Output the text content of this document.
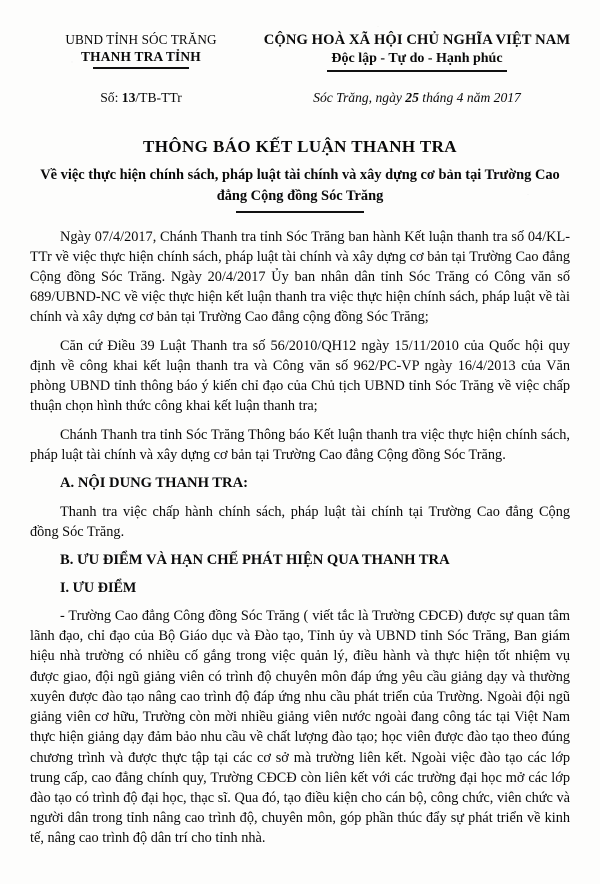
UBND TỈNH SÓC TRĂNG
THANH TRA TỈNH
CỘNG HOÀ XÃ HỘI CHỦ NGHĨA VIỆT NAM
Độc lập - Tự do - Hạnh phúc
Số: 13/TB-TTr	Sóc Trăng, ngày 25 tháng 4 năm 2017
THÔNG BÁO KẾT LUẬN THANH TRA
Về việc thực hiện chính sách, pháp luật tài chính và xây dựng cơ bản tại Trường Cao đẳng Cộng đồng Sóc Trăng

Ngày 07/4/2017, Chánh Thanh tra tỉnh Sóc Trăng ban hành Kết luận thanh tra số 04/KL-TTr về việc thực hiện chính sách, pháp luật tài chính và xây dựng cơ bản tại Trường Cao đẳng Cộng đồng Sóc Trăng. Ngày 20/4/2017 Ủy ban nhân dân tỉnh Sóc Trăng có Công văn số 689/UBND-NC về việc thực hiện kết luận thanh tra việc thực hiện chính sách, pháp luật về tài chính và xây dựng cơ bản tại Trường Cao đẳng cộng đồng Sóc Trăng;

Căn cứ Điều 39 Luật Thanh tra số 56/2010/QH12 ngày 15/11/2010 của Quốc hội quy định về công khai kết luận thanh tra và Công văn số 962/PC-VP ngày 16/4/2013 của Văn phòng UBND tỉnh thông báo ý kiến chỉ đạo của Chủ tịch UBND tỉnh Sóc Trăng về việc chấp thuận chọn hình thức công khai kết luận thanh tra;

Chánh Thanh tra tỉnh Sóc Trăng Thông báo Kết luận thanh tra việc thực hiện chính sách, pháp luật tài chính và xây dựng cơ bản tại Trường Cao đẳng Cộng đồng Sóc Trăng.

A. NỘI DUNG THANH TRA:

Thanh tra việc chấp hành chính sách, pháp luật tài chính tại Trường Cao đẳng Cộng đồng Sóc Trăng.

B. ƯU ĐIỂM VÀ HẠN CHẾ PHÁT HIỆN QUA THANH TRA
I. ƯU ĐIỂM

- Trường Cao đẳng Công đồng Sóc Trăng ( viết tắc là Trường CĐCĐ) được sự quan tâm lãnh đạo, chỉ đạo của Bộ Giáo dục và Đào tạo, Tỉnh ủy và UBND tỉnh Sóc Trăng, Ban giám hiệu nhà trường có nhiều cố gắng trong việc quản lý, điều hành và thực hiện tốt nhiệm vụ được giao, đội ngũ giảng viên có trình độ chuyên môn đáp ứng yêu cầu giảng dạy và thường xuyên được đào tạo nâng cao trình độ đáp ứng nhu cầu phát triển của Trường. Ngoài đội ngũ giảng viên cơ hữu, Trường còn mời nhiều giảng viên nước ngoài đang công tác tại Việt Nam thực hiện giảng dạy đảm bảo nhu cầu về chất lượng đào tạo; học viên được đào tạo theo đúng chương trình và được thực tập tại các cơ sở mà trường liên kết. Ngoài việc đào tạo các lớp trung cấp, cao đẳng chính quy, Trường CĐCĐ còn liên kết với các trường đại học mở các lớp đào tạo có trình độ đại học, thạc sĩ. Qua đó, tạo điều kiện cho cán bộ, công chức, viên chức và người dân trong tỉnh nâng cao trình độ, chuyên môn, góp phần thúc đẩy sự phát triển về kinh tế, nâng cao trình độ dân trí cho tỉnh nhà.
